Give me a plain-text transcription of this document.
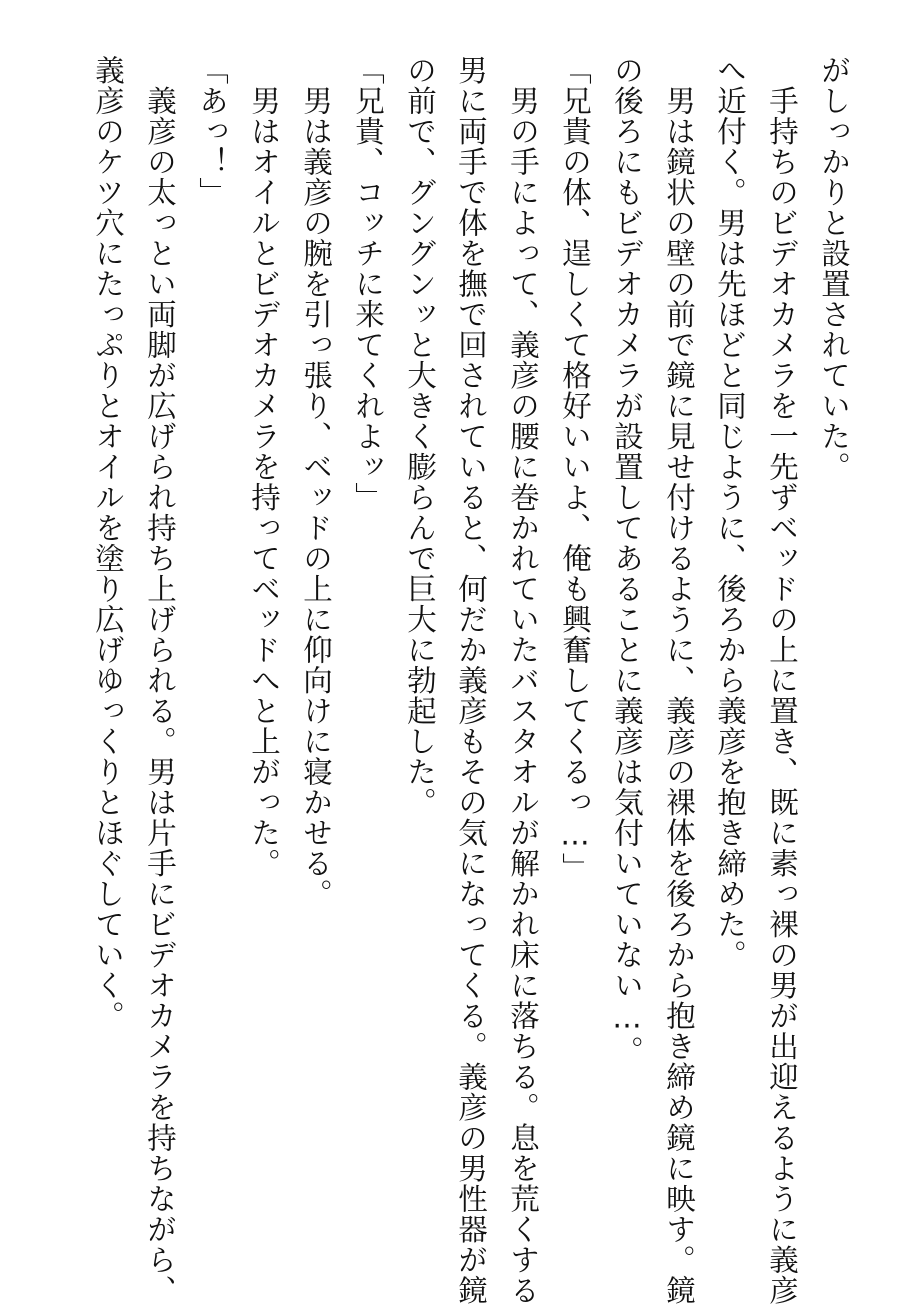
がしっかりと設置されていた。
　手持ちのビデオカメラを一先ずベッドの上に置き、既に素っ裸の男が出迎えるように義彦
へ近付く。男は先ほどと同じように、後ろから義彦を抱き締めた。
　男は鏡状の壁の前で鏡に見せ付けるように、義彦の裸体を後ろから抱き締め鏡に映す。鏡
の後ろにもビデオカメラが設置してあることに義彦は気付いていない…。
「兄貴の体、逞しくて格好いいよ、俺も興奮してくるっ…」
　男の手によって、義彦の腰に巻かれていたバスタオルが解かれ床に落ちる。息を荒くする
男に両手で体を撫で回されていると、何だか義彦もその気になってくる。義彦の男性器が鏡
の前で、グングンッと大きく膨らんで巨大に勃起した。
「兄貴、コッチに来てくれよッ」
　男は義彦の腕を引っ張り、ベッドの上に仰向けに寝かせる。
　男はオイルとビデオカメラを持ってベッドへと上がった。
「あっ！」
　義彦の太っとい両脚が広げられ持ち上げられる。男は片手にビデオカメラを持ちながら、
義彦のケツ穴にたっぷりとオイルを塗り広げゆっくりとほぐしていく。
